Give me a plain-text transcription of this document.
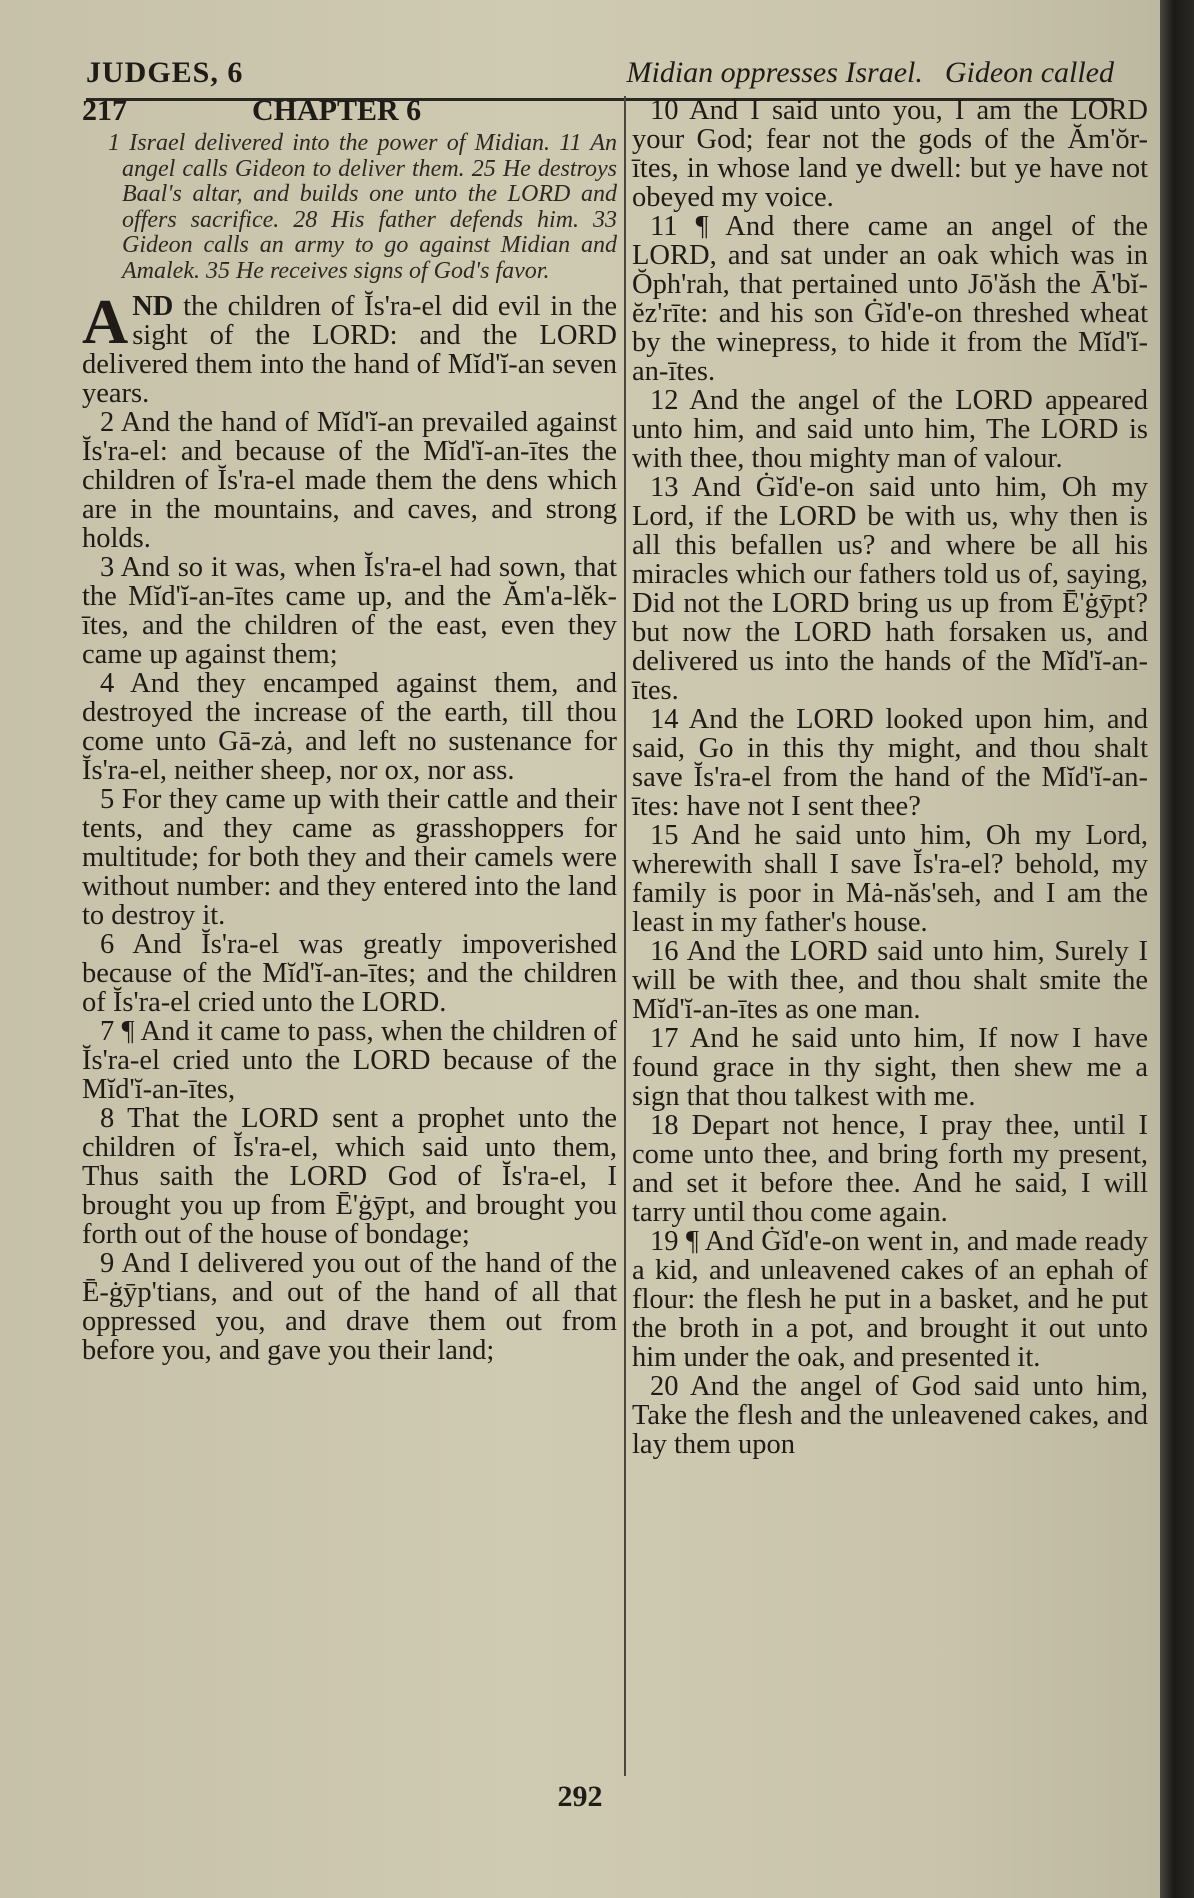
JUDGES, 6	Midian oppresses Israel. Gideon called
217	CHAPTER 6
1 Israel delivered into the power of Midian. 11 An angel calls Gideon to deliver them. 25 He destroys Baal's altar, and builds one unto the LORD and offers sacrifice. 28 His father defends him. 33 Gideon calls an army to go against Midian and Amalek. 35 He receives signs of God's favor.

AND the children of Ĭs'ra-el did evil in the sight of the LORD: and the LORD delivered them into the hand of Mĭd'ĭ-an seven years.

2 And the hand of Mĭd'ĭ-an prevailed against Ĭs'ra-el: and because of the Mĭd'ĭ-an-ītes the children of Ĭs'ra-el made them the dens which are in the mountains, and caves, and strong holds.

3 And so it was, when Ĭs'ra-el had sown, that the Mĭd'ĭ-an-ītes came up, and the Ăm'a-lĕk-ītes, and the children of the east, even they came up against them;

4 And they encamped against them, and destroyed the increase of the earth, till thou come unto Gā-zȧ, and left no sustenance for Ĭs'ra-el, neither sheep, nor ox, nor ass.

5 For they came up with their cattle and their tents, and they came as grasshoppers for multitude; for both they and their camels were without number: and they entered into the land to destroy it.

6 And Ĭs'ra-el was greatly impoverished because of the Mĭd'ĭ-an-ītes; and the children of Ĭs'ra-el cried unto the LORD.

7 ¶ And it came to pass, when the children of Ĭs'ra-el cried unto the LORD because of the Mĭd'ĭ-an-ītes,

8 That the LORD sent a prophet unto the children of Ĭs'ra-el, which said unto them, Thus saith the LORD God of Ĭs'ra-el, I brought you up from Ē'ġȳpt, and brought you forth out of the house of bondage;

9 And I delivered you out of the hand of the Ē-ġȳp'tians, and out of the hand of all that oppressed you, and drave them out from before you, and gave you their land;

10 And I said unto you, I am the LORD your God; fear not the gods of the Ăm'ŏr-ītes, in whose land ye dwell: but ye have not obeyed my voice.

11 ¶ And there came an angel of the LORD, and sat under an oak which was in Ŏph'rah, that pertained unto Jō'ăsh the Ā'bĭ-ĕz'rīte: and his son Ġĭd'e-on threshed wheat by the winepress, to hide it from the Mĭd'ĭ-an-ītes.

12 And the angel of the LORD appeared unto him, and said unto him, The LORD is with thee, thou mighty man of valour.

13 And Ġĭd'e-on said unto him, Oh my Lord, if the LORD be with us, why then is all this befallen us? and where be all his miracles which our fathers told us of, saying, Did not the LORD bring us up from Ē'ġȳpt? but now the LORD hath forsaken us, and delivered us into the hands of the Mĭd'ĭ-an-ītes.

14 And the LORD looked upon him, and said, Go in this thy might, and thou shalt save Ĭs'ra-el from the hand of the Mĭd'ĭ-an-ītes: have not I sent thee?

15 And he said unto him, Oh my Lord, wherewith shall I save Ĭs'ra-el? behold, my family is poor in Mȧ-năs'seh, and I am the least in my father's house.

16 And the LORD said unto him, Surely I will be with thee, and thou shalt smite the Mĭd'ĭ-an-ītes as one man.

17 And he said unto him, If now I have found grace in thy sight, then shew me a sign that thou talkest with me.

18 Depart not hence, I pray thee, until I come unto thee, and bring forth my present, and set it before thee. And he said, I will tarry until thou come again.

19 ¶ And Ġĭd'e-on went in, and made ready a kid, and unleavened cakes of an ephah of flour: the flesh he put in a basket, and he put the broth in a pot, and brought it out unto him under the oak, and presented it.

20 And the angel of God said unto him, Take the flesh and the unleavened cakes, and lay them upon

292
